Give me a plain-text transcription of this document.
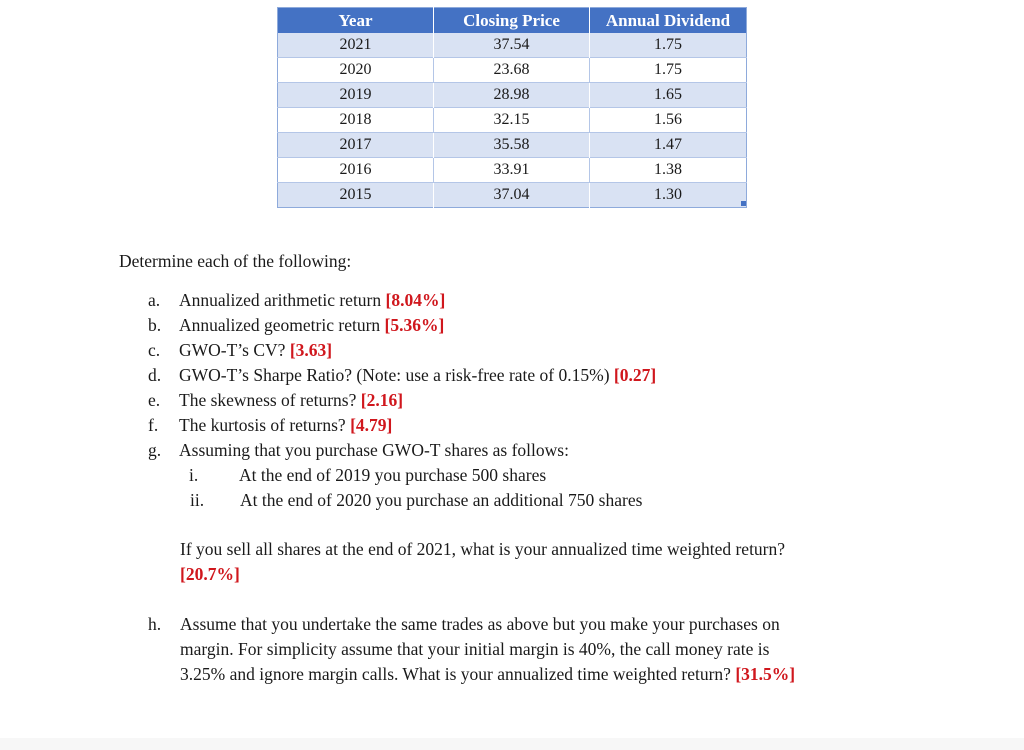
Year	Closing Price	Annual Dividend
2021	37.54	1.75
2020	23.68	1.75
2019	28.98	1.65
2018	32.15	1.56
2017	35.58	1.47
2016	33.91	1.38
2015	37.04	1.30
Determine each of the following:
a. Annualized arithmetic return [8.04%]
b. Annualized geometric return [5.36%]
c. GWO-T’s CV? [3.63]
d. GWO-T’s Sharpe Ratio? (Note: use a risk-free rate of 0.15%) [0.27]
e. The skewness of returns? [2.16]
f. The kurtosis of returns? [4.79]
g. Assuming that you purchase GWO-T shares as follows:
i. At the end of 2019 you purchase 500 shares
ii. At the end of 2020 you purchase an additional 750 shares
If you sell all shares at the end of 2021, what is your annualized time weighted return?
[20.7%]
h. Assume that you undertake the same trades as above but you make your purchases on
margin. For simplicity assume that your initial margin is 40%, the call money rate is
3.25% and ignore margin calls. What is your annualized time weighted return? [31.5%]
